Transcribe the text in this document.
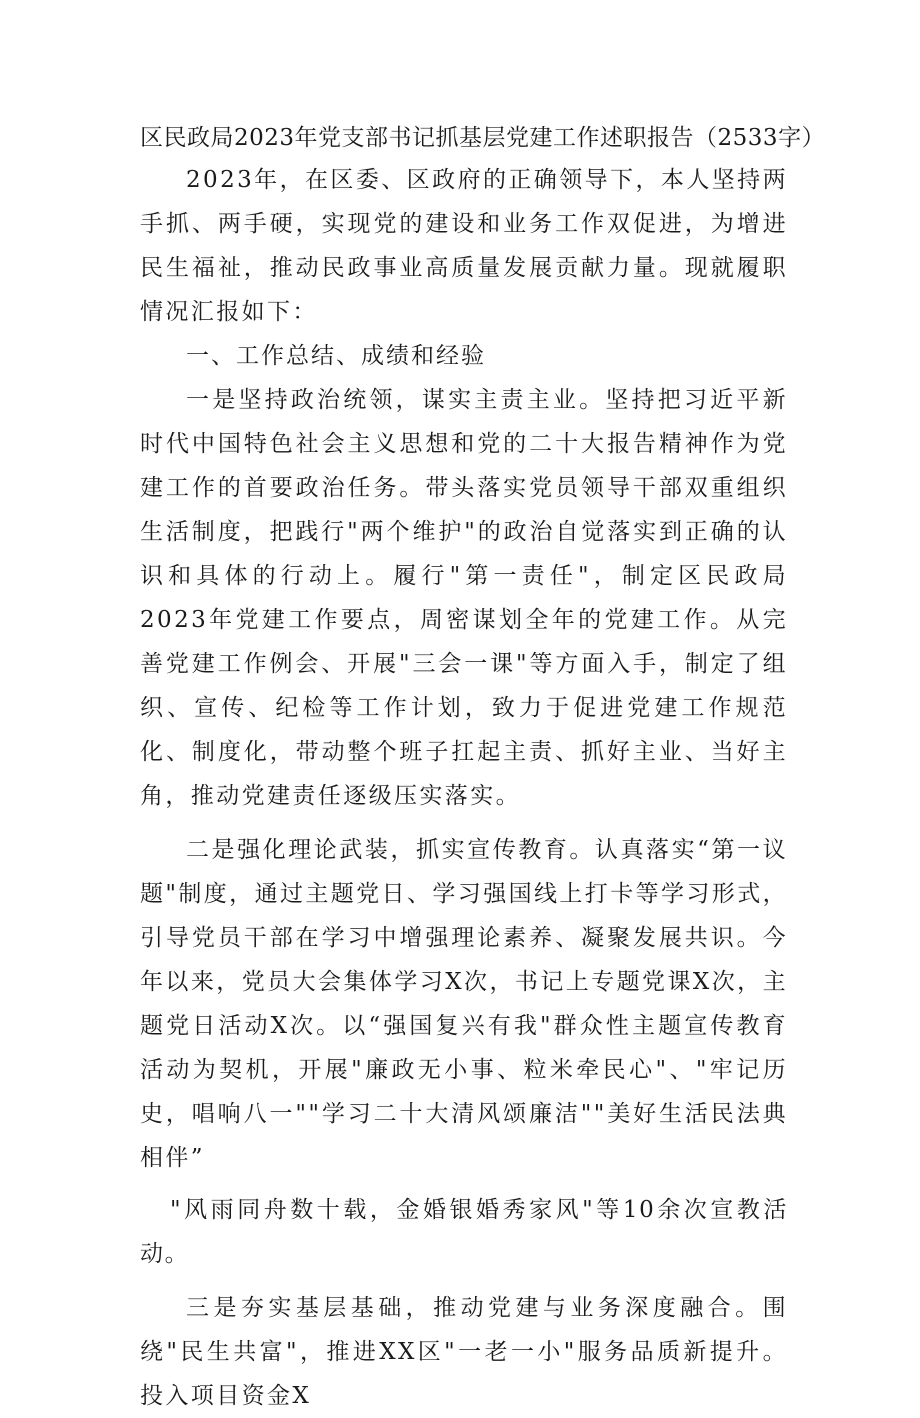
区民政局2023年党支部书记抓基层党建工作述职报告（2533字）

2023年，在区委、区政府的正确领导下，本人坚持两手抓、两手硬，实现党的建设和业务工作双促进，为增进民生福祉，推动民政事业高质量发展贡献力量。现就履职情况汇报如下：

一、工作总结、成绩和经验

一是坚持政治统领，谋实主责主业。坚持把习近平新时代中国特色社会主义思想和党的二十大报告精神作为党建工作的首要政治任务。带头落实党员领导干部双重组织生活制度，把践行"两个维护"的政治自觉落实到正确的认识和具体的行动上。履行"第一责任"，制定区民政局2023年党建工作要点，周密谋划全年的党建工作。从完善党建工作例会、开展"三会一课"等方面入手，制定了组织、宣传、纪检等工作计划，致力于促进党建工作规范化、制度化，带动整个班子扛起主责、抓好主业、当好主角，推动党建责任逐级压实落实。

二是强化理论武装，抓实宣传教育。认真落实“第一议题"制度，通过主题党日、学习强国线上打卡等学习形式，引导党员干部在学习中增强理论素养、凝聚发展共识。今年以来，党员大会集体学习X次，书记上专题党课X次，主题党日活动X次。以“强国复兴有我"群众性主题宣传教育活动为契机，开展"廉政无小事、粒米牵民心"、"牢记历史，唱响八一""学习二十大清风颂廉洁""美好生活民法典相伴”

"风雨同舟数十载，金婚银婚秀家风"等10余次宣教活动。

三是夯实基层基础，推动党建与业务深度融合。围绕"民生共富"，推进XX区"一老一小"服务品质新提升。投入项目资金X
